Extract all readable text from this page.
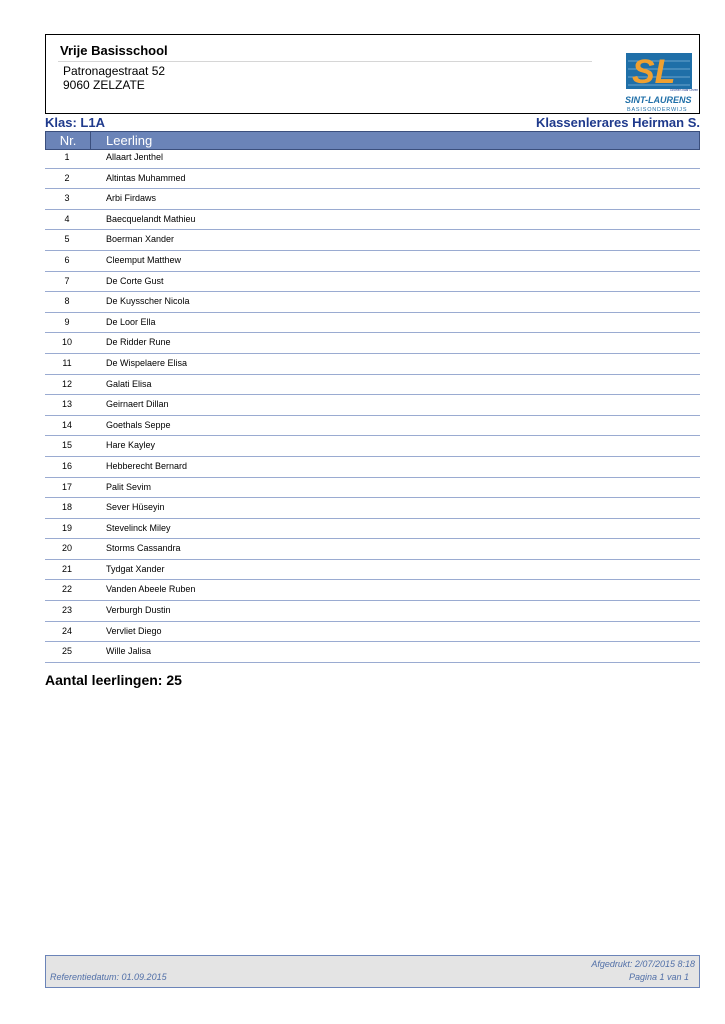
Vrije Basisschool
Patronagestraat 52
9060 ZELZATE	SL
Groeien naar Leven
SINT-LAURENS
BASISONDERWIJS
Klas: L1A	Klassenlerares Heirman S.
Nr.	Leerling
1	Allaart Jenthel
2	Altintas Muhammed
3	Arbi Firdaws
4	Baecquelandt Mathieu
5	Boerman Xander
6	Cleemput Matthew
7	De Corte Gust
8	De Kuysscher Nicola
9	De Loor Ella
10	De Ridder Rune
11	De Wispelaere Elisa
12	Galati Elisa
13	Geirnaert Dillan
14	Goethals Seppe
15	Hare Kayley
16	Hebberecht Bernard
17	Palit Sevim
18	Sever Hüseyin
19	Stevelinck Miley
20	Storms Cassandra
21	Tydgat Xander
22	Vanden Abeele Ruben
23	Verburgh Dustin
24	Vervliet Diego
25	Wille Jalisa
Aantal leerlingen: 25
Referentiedatum: 01.09.2015
Afgedrukt: 2/07/2015 8:18
Pagina 1 van 1
